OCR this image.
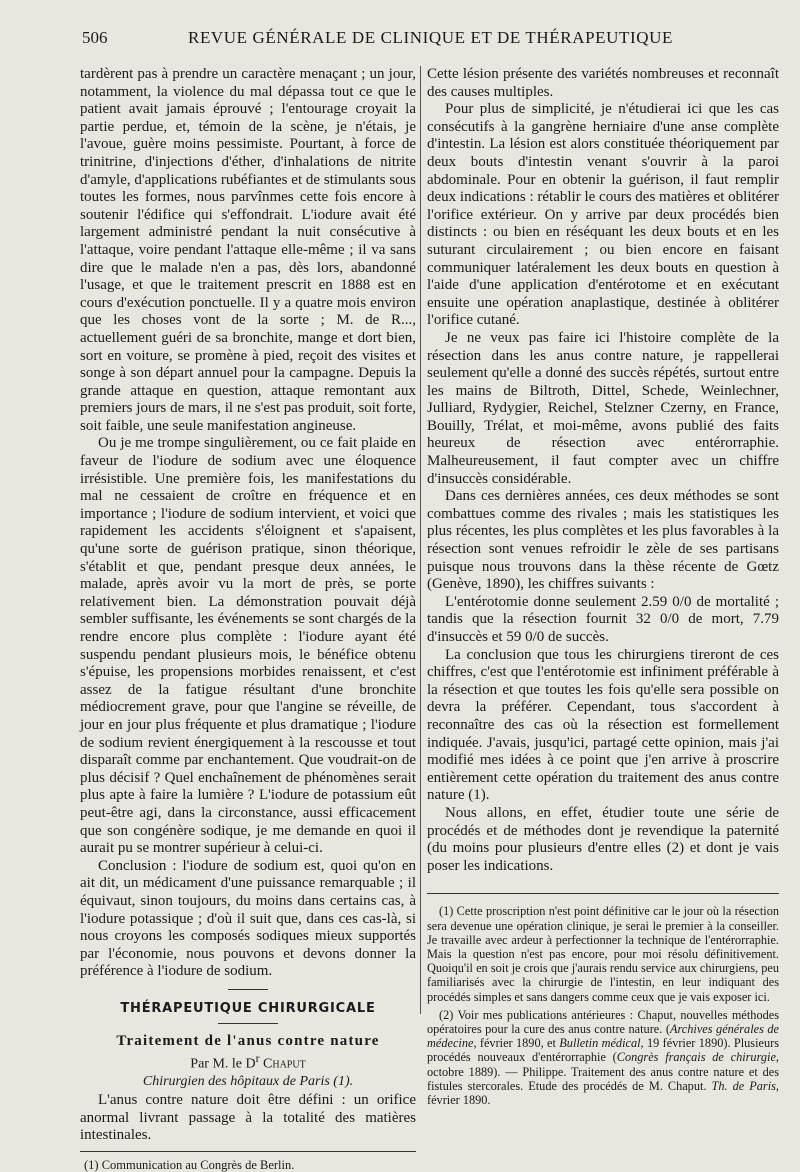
506	REVUE GÉNÉRALE DE CLINIQUE ET DE THÉRAPEUTIQUE

tardèrent pas à prendre un caractère menaçant ; un jour, notamment, la violence du mal dépassa tout ce que le patient avait jamais éprouvé ; l'entourage croyait la partie perdue, et, témoin de la scène, je n'étais, je l'avoue, guère moins pessimiste. Pourtant, à force de trinitrine, d'injections d'éther, d'inhalations de nitrite d'amyle, d'applications rubéfiantes et de stimulants sous toutes les formes, nous parvînmes cette fois encore à soutenir l'édifice qui s'effondrait. L'iodure avait été largement administré pendant la nuit consécutive à l'attaque, voire pendant l'attaque elle-même ; il va sans dire que le malade n'en a pas, dès lors, abandonné l'usage, et que le traitement prescrit en 1888 est en cours d'exécution ponctuelle. Il y a quatre mois environ que les choses vont de la sorte ; M. de R..., actuellement guéri de sa bronchite, mange et dort bien, sort en voiture, se promène à pied, reçoit des visites et songe à son départ annuel pour la campagne. Depuis la grande attaque en question, attaque remontant aux premiers jours de mars, il ne s'est pas produit, soit forte, soit faible, une seule manifestation angineuse.

Ou je me trompe singulièrement, ou ce fait plaide en faveur de l'iodure de sodium avec une éloquence irrésistible. Une première fois, les manifestations du mal ne cessaient de croître en fréquence et en importance ; l'iodure de sodium intervient, et voici que rapidement les accidents s'éloignent et s'apaisent, qu'une sorte de guérison pratique, sinon théorique, s'établit et que, pendant presque deux années, le malade, après avoir vu la mort de près, se porte relativement bien. La démonstration pouvait déjà sembler suffisante, les événements se sont chargés de la rendre encore plus complète : l'iodure ayant été suspendu pendant plusieurs mois, le bénéfice obtenu s'épuise, les propensions morbides renaissent, et c'est assez de la fatigue résultant d'une bronchite médiocrement grave, pour que l'angine se réveille, de jour en jour plus fréquente et plus dramatique ; l'iodure de sodium revient énergiquement à la rescousse et tout disparaît comme par enchantement. Que voudrait-on de plus décisif ? Quel enchaînement de phénomènes serait plus apte à faire la lumière ? L'iodure de potassium eût peut-être agi, dans la circonstance, aussi efficacement que son congénère sodique, je me demande en quoi il aurait pu se montrer supérieur à celui-ci.

Conclusion : l'iodure de sodium est, quoi qu'on en ait dit, un médicament d'une puissance remarquable ; il équivaut, sinon toujours, du moins dans certains cas, à l'iodure potassique ; d'où il suit que, dans ces cas-là, si nous croyons les composés sodiques mieux supportés par l'économie, nous pouvons et devons donner la préférence à l'iodure de sodium.

THÉRAPEUTIQUE CHIRURGICALE
Traitement de l'anus contre nature
Par M. le $D^r$ Chaput
Chirurgien des hôpitaux de Paris (1).

L'anus contre nature doit être défini : un orifice anormal livrant passage à la totalité des matières intestinales.

(1) Communication au Congrès de Berlin.

Cette lésion présente des variétés nombreuses et reconnaît des causes multiples.

Pour plus de simplicité, je n'étudierai ici que les cas consécutifs à la gangrène herniaire d'une anse complète d'intestin. La lésion est alors constituée théoriquement par deux bouts d'intestin venant s'ouvrir à la paroi abdominale. Pour en obtenir la guérison, il faut remplir deux indications : rétablir le cours des matières et oblitérer l'orifice extérieur. On y arrive par deux procédés bien distincts : ou bien en réséquant les deux bouts et en les suturant circulairement ; ou bien encore en faisant communiquer latéralement les deux bouts en question à l'aide d'une application d'entérotome et en exécutant ensuite une opération anaplastique, destinée à oblitérer l'orifice cutané.

Je ne veux pas faire ici l'histoire complète de la résection dans les anus contre nature, je rappellerai seulement qu'elle a donné des succès répétés, surtout entre les mains de Biltroth, Dittel, Schede, Weinlechner, Julliard, Rydygier, Reichel, Stelzner Czerny, en France, Bouilly, Trélat, et moi-même, avons publié des faits heureux de résection avec entérorraphie. Malheureusement, il faut compter avec un chiffre d'insuccès considérable.

Dans ces dernières années, ces deux méthodes se sont combattues comme des rivales ; mais les statistiques les plus récentes, les plus complètes et les plus favorables à la résection sont venues refroidir le zèle de ses partisans puisque nous trouvons dans la thèse récente de Gœtz (Genève, 1890), les chiffres suivants :

L'entérotomie donne seulement 2.59 0/0 de mortalité ; tandis que la résection fournit 32 0/0 de mort, 7.79 d'insuccès et 59 0/0 de succès.

La conclusion que tous les chirurgiens tireront de ces chiffres, c'est que l'entérotomie est infiniment préférable à la résection et que toutes les fois qu'elle sera possible on devra la préférer. Cependant, tous s'accordent à reconnaître des cas où la résection est formellement indiquée. J'avais, jusqu'ici, partagé cette opinion, mais j'ai modifié mes idées à ce point que j'en arrive à proscrire entièrement cette opération du traitement des anus contre nature (1).

Nous allons, en effet, étudier toute une série de procédés et de méthodes dont je revendique la paternité (du moins pour plusieurs d'entre elles (2) et dont je vais poser les indications.

(1) Cette proscription n'est point définitive car le jour où la résection sera devenue une opération clinique, je serai le premier à la conseiller. Je travaille avec ardeur à perfectionner la technique de l'entérorraphie. Mais la question n'est pas encore, pour moi résolu définitivement. Quoiqu'il en soit je crois que j'aurais rendu service aux chirurgiens, peu familiarisés avec la chirurgie de l'intestin, en leur indiquant des procédés simples et sans dangers comme ceux que je vais exposer ici.

(2) Voir mes publications antérieures : Chaput, nouvelles méthodes opératoires pour la cure des anus contre nature. (Archives générales de médecine, février 1890, et Bulletin médical, 19 février 1890). Plusieurs procédés nouveaux d'entérorraphie (Congrès français de chirurgie, octobre 1889). — Philippe. Traitement des anus contre nature et des fistules stercorales. Etude des procédés de M. Chaput. Th. de Paris, février 1890.
